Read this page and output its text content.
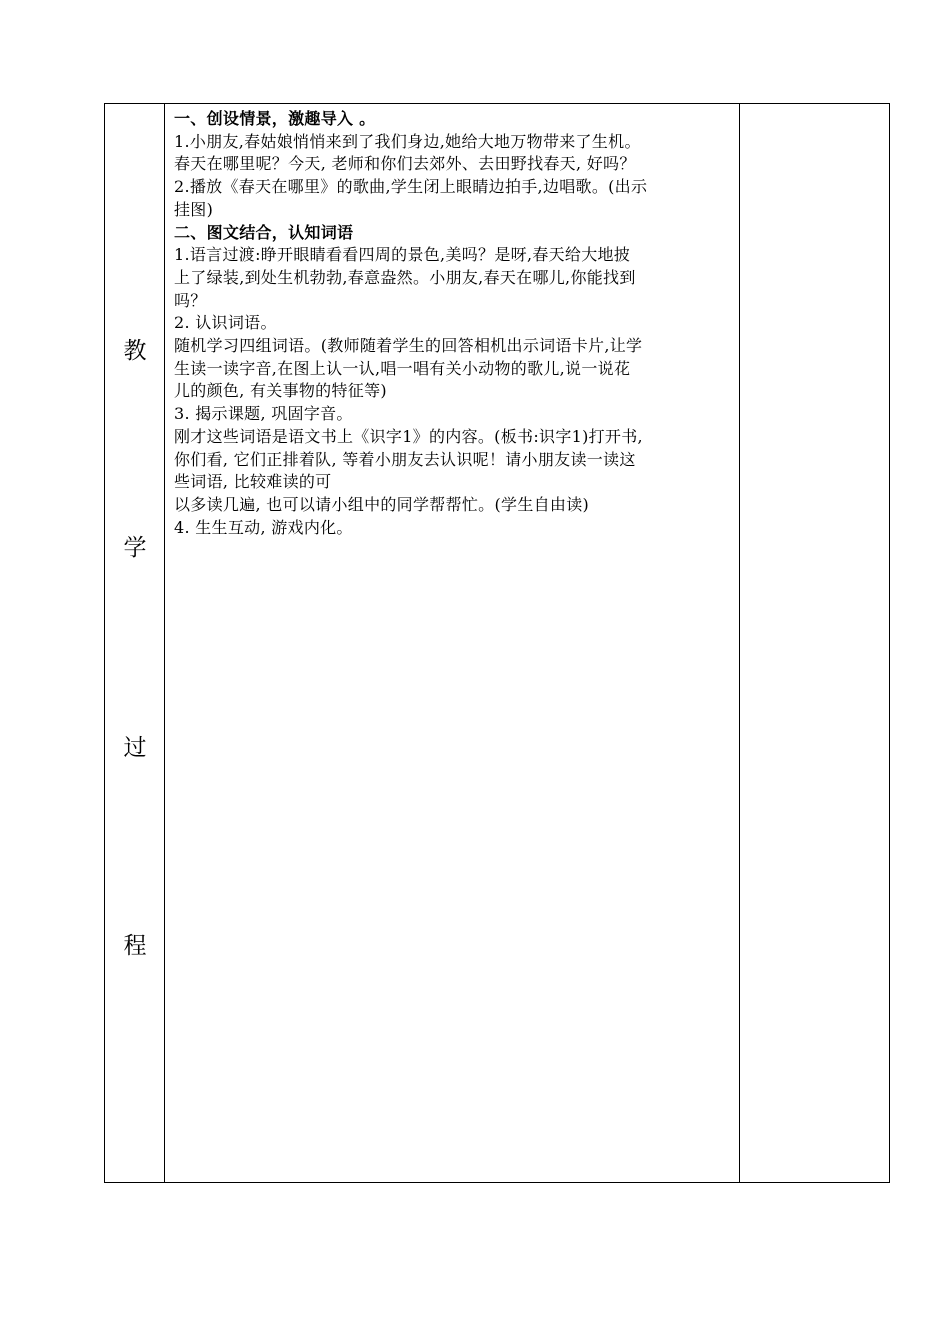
教
学
过
程
一、创设情景，激趣导入 。
1.小朋友,春姑娘悄悄来到了我们身边,她给大地万物带来了生机。
春天在哪里呢？今天, 老师和你们去郊外、去田野找春天, 好吗？
2.播放《春天在哪里》的歌曲,学生闭上眼睛边拍手,边唱歌。(出示
挂图)
二、图文结合，认知词语
1.语言过渡:睁开眼睛看看四周的景色,美吗？是呀,春天给大地披
上了绿装,到处生机勃勃,春意盎然。小朋友,春天在哪儿,你能找到
吗？
2. 认识词语。
随机学习四组词语。(教师随着学生的回答相机出示词语卡片,让学
生读一读字音,在图上认一认,唱一唱有关小动物的歌儿,说一说花
儿的颜色, 有关事物的特征等)
3. 揭示课题, 巩固字音。
刚才这些词语是语文书上《识字1》的内容。(板书:识字1)打开书,
你们看, 它们正排着队, 等着小朋友去认识呢！请小朋友读一读这
些词语, 比较难读的可
以多读几遍, 也可以请小组中的同学帮帮忙。(学生自由读)
4. 生生互动, 游戏内化。
